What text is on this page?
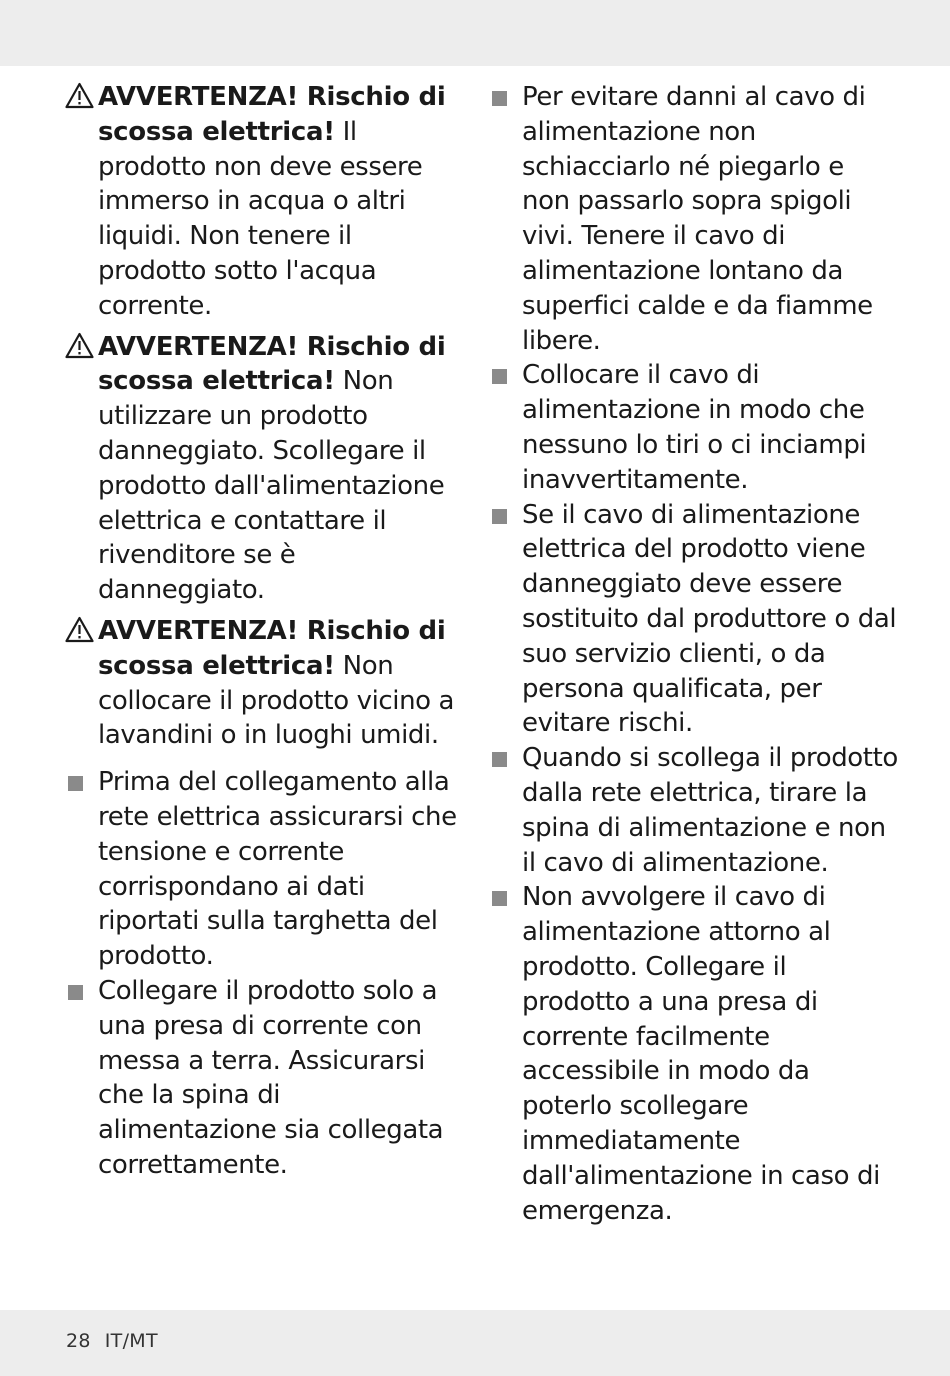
AVVERTENZA! Rischio di scossa elettrica! Il prodotto non deve essere immerso in acqua o altri liquidi. Non tenere il prodotto sotto l'acqua corrente.
AVVERTENZA! Rischio di scossa elettrica! Non utilizzare un prodotto danneggiato. Scollegare il prodotto dall'alimentazione elettrica e contattare il rivenditore se è danneggiato.
AVVERTENZA! Rischio di scossa elettrica! Non collocare il prodotto vicino a lavandini o in luoghi umidi.
Prima del collegamento alla rete elettrica assicurarsi che tensione e corrente corrispondano ai dati riportati sulla targhetta del prodotto.
Collegare il prodotto solo a una presa di corrente con messa a terra. Assicurarsi che la spina di alimentazione sia collegata correttamente.
Per evitare danni al cavo di alimentazione non schiacciarlo né piegarlo e non passarlo sopra spigoli vivi. Tenere il cavo di alimentazione lontano da superfici calde e da fiamme libere.
Collocare il cavo di alimentazione in modo che nessuno lo tiri o ci inciampi inavvertitamente.
Se il cavo di alimentazione elettrica del prodotto viene danneggiato deve essere sostituito dal produttore o dal suo servizio clienti, o da persona qualificata, per evitare rischi.
Quando si scollega il prodotto dalla rete elettrica, tirare la spina di alimentazione e non il cavo di alimentazione.
Non avvolgere il cavo di alimentazione attorno al prodotto. Collegare il prodotto a una presa di corrente facilmente accessibile in modo da poterlo scollegare immediatamente dall'alimentazione in caso di emergenza.
28 IT/MT
